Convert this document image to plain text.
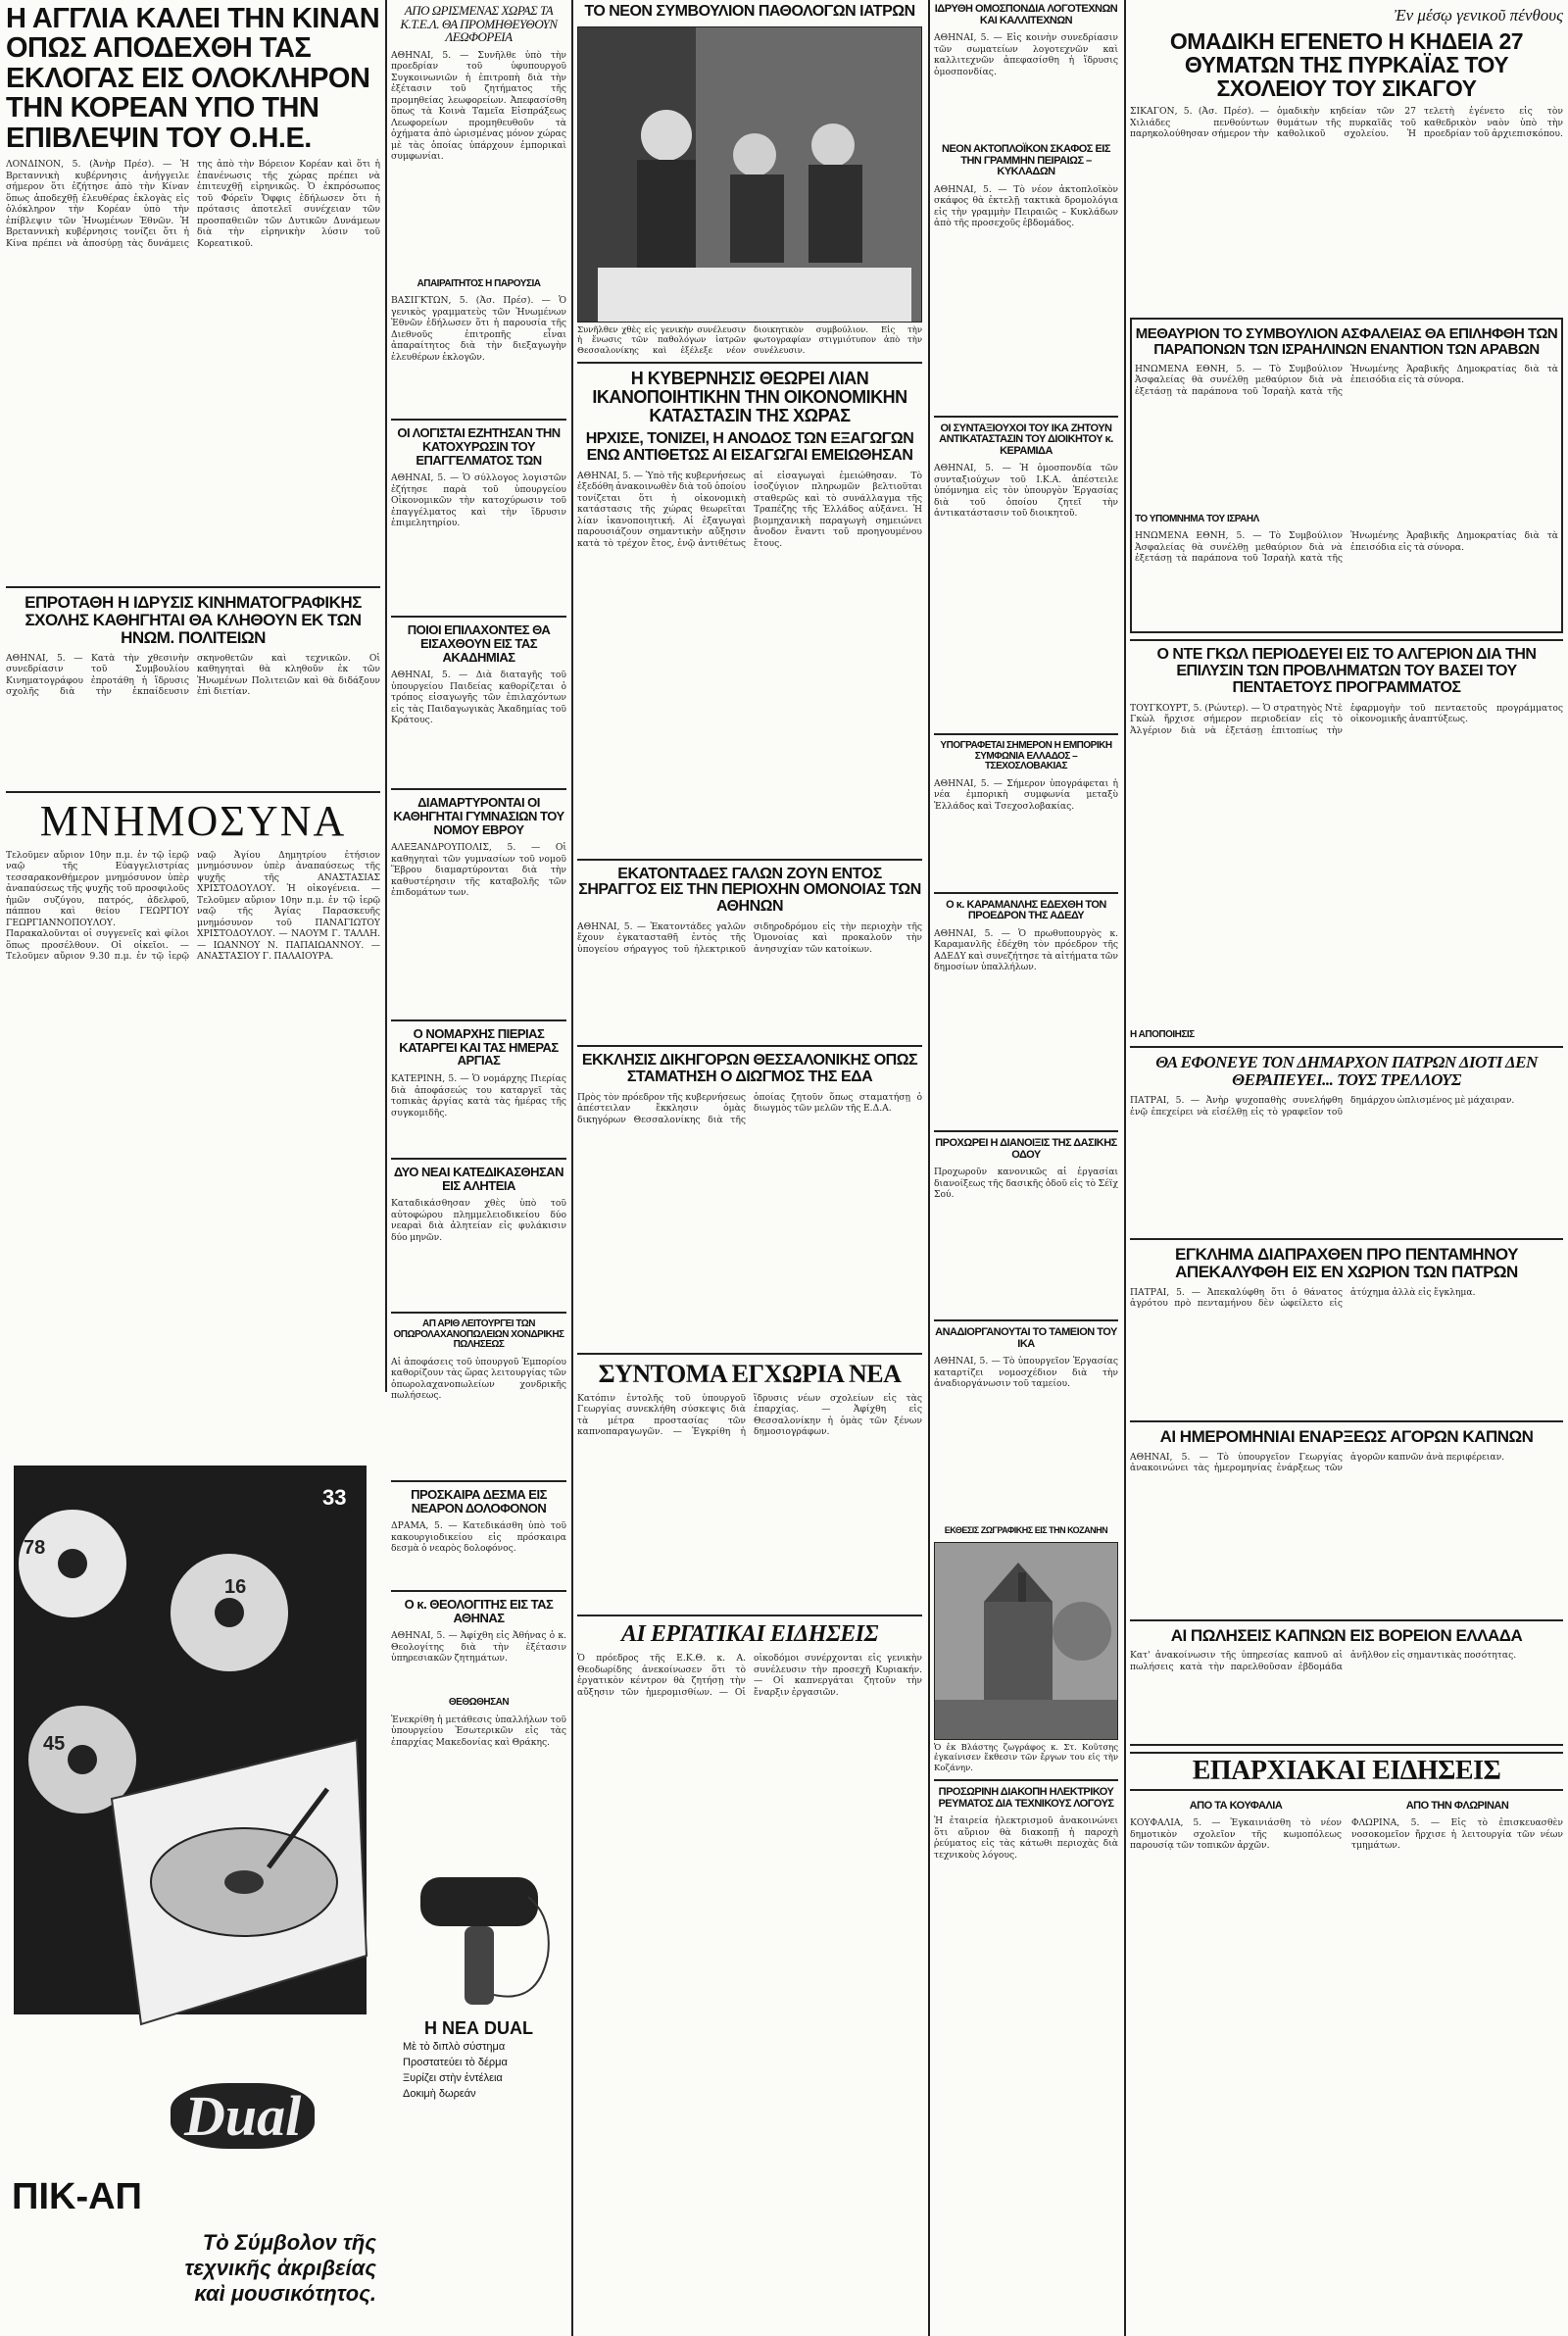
Η ΑΓΓΛΙΑ ΚΑΛΕΙ ΤΗΝ ΚΙΝΑΝ ΟΠΩΣ ΑΠΟΔΕΧΘΗ ΤΑΣ ΕΚΛΟΓΑΣ ΕΙΣ ΟΛΟΚΛΗΡΟΝ ΤΗΝ ΚΟΡΕΑΝ ΥΠΟ ΤΗΝ ΕΠΙΒΛΕΨΙΝ ΤΟΥ Ο.Η.Ε.
ΛΟΝΔΙΝΟΝ, 5. (Ἀνὴρ Πρέσ). — Ἡ Βρεταννικὴ κυβέρνησις ἀνήγγειλε σήμερον ὅτι ἐζήτησε ἀπὸ τὴν Κίναν ὅπως ἀποδεχθῇ ἐλευθέρας ἐκλογὰς εἰς ὁλόκληρον τὴν Κορέαν ὑπὸ τὴν ἐπίβλεψιν τῶν Ἡνωμένων Ἐθνῶν. Ἡ Βρεταννικὴ κυβέρνησις τονίζει ὅτι ἡ Κίνα πρέπει νὰ ἀποσύρῃ τὰς δυνάμεις της ἀπὸ τὴν Βόρειον Κορέαν καὶ ὅτι ἡ ἐπανένωσις τῆς χώρας πρέπει νὰ ἐπιτευχθῇ εἰρηνικῶς. Ὁ ἐκπρόσωπος τοῦ Φόρεϊν Ὄφφις ἐδήλωσεν ὅτι ἡ πρότασις ἀποτελεῖ συνέχειαν τῶν προσπαθειῶν τῶν Δυτικῶν Δυνάμεων διὰ τὴν εἰρηνικὴν λύσιν τοῦ Κορεατικοῦ.
ΕΠΡΟΤΑΘΗ Η ΙΔΡΥΣΙΣ ΚΙΝΗΜΑΤΟΓΡΑΦΙΚΗΣ ΣΧΟΛΗΣ ΚΑΘΗΓΗΤΑΙ ΘΑ ΚΛΗΘΟΥΝ ΕΚ ΤΩΝ ΗΝΩΜ. ΠΟΛΙΤΕΙΩΝ
ΑΘΗΝΑΙ, 5. — Κατὰ τὴν χθεσινὴν συνεδρίασιν τοῦ Συμβουλίου Κινηματογράφου ἐπροτάθη ἡ ἵδρυσις σχολῆς διὰ τὴν ἐκπαίδευσιν σκηνοθετῶν καὶ τεχνικῶν. Οἱ καθηγηταὶ θὰ κληθοῦν ἐκ τῶν Ἡνωμένων Πολιτειῶν καὶ θὰ διδάξουν ἐπὶ διετίαν.
ΜΝΗΜΟΣΥΝΑ
Τελοῦμεν αὔριον 10ην π.μ. ἐν τῷ ἱερῷ ναῷ τῆς Εὐαγγελιστρίας τεσσαρακονθήμερον μνημόσυνον ὑπὲρ ἀναπαύσεως τῆς ψυχῆς τοῦ προσφιλοῦς ἡμῶν συζύγου, πατρός, ἀδελφοῦ, πάππου καὶ θείου ΓΕΩΡΓΙΟΥ ΓΕΩΡΓΙΑΝΝΟΠΟΥΛΟΥ. Παρακαλοῦνται οἱ συγγενεῖς καὶ φίλοι ὅπως προσέλθουν. Οἱ οἰκεῖοι. — Τελοῦμεν αὔριον 9.30 π.μ. ἐν τῷ ἱερῷ ναῷ Ἁγίου Δημητρίου ἐτήσιον μνημόσυνον ὑπὲρ ἀναπαύσεως τῆς ψυχῆς τῆς ΑΝΑΣΤΑΣΙΑΣ ΧΡΙΣΤΟΔΟΥΛΟΥ. Ἡ οἰκογένεια. — Τελοῦμεν αὔριον 10ην π.μ. ἐν τῷ ἱερῷ ναῷ τῆς Ἁγίας Παρασκευῆς μνημόσυνον τοῦ ΠΑΝΑΓΙΩΤΟΥ ΧΡΙΣΤΟΔΟΥΛΟΥ. — ΝΑΟΥΜ Γ. ΤΑΛΛΗ. — ΙΩΑΝΝΟΥ Ν. ΠΑΠΑΙΩΑΝΝΟΥ. — ΑΝΑΣΤΑΣΙΟΥ Γ. ΠΑΛΑΙΟΥΡΑ.
33
78
16
45
Dual
ΠΙΚ-ΑΠ
Τὸ Σύμβολον τῆς
τεχνικῆς ἀκριβείας
καὶ μουσικότητος.
ΑΠΟ ΩΡΙΣΜΕΝΑΣ ΧΩΡΑΣ ΤΑ Κ.Τ.Ε.Λ. ΘΑ ΠΡΟΜΗΘΕΥΘΟΥΝ ΛΕΩΦΟΡΕΙΑ
ΑΘΗΝΑΙ, 5. — Συνῆλθε ὑπὸ τὴν προεδρίαν τοῦ ὑφυπουργοῦ Συγκοινωνιῶν ἡ ἐπιτροπὴ διὰ τὴν ἐξέτασιν τοῦ ζητήματος τῆς προμηθείας λεωφορείων. Ἀπεφασίσθη ὅπως τὰ Κοινὰ Ταμεῖα Εἰσπράξεως Λεωφορείων προμηθευθοῦν τὰ ὀχήματα ἀπὸ ὡρισμένας μόνον χώρας μὲ τὰς ὁποίας ὑπάρχουν ἐμπορικαὶ συμφωνίαι.
ΑΠΑΙΡΑΙΤΗΤΟΣ Η ΠΑΡΟΥΣΙΑ
ΒΑΣΙΓΚΤΩΝ, 5. (Ἀσ. Πρέσ). — Ὁ γενικὸς γραμματεὺς τῶν Ἡνωμένων Ἐθνῶν ἐδήλωσεν ὅτι ἡ παρουσία τῆς Διεθνοῦς ἐπιτροπῆς εἶναι ἀπαραίτητος διὰ τὴν διεξαγωγὴν ἐλευθέρων ἐκλογῶν.
ΟΙ ΛΟΓΙΣΤΑΙ ΕΖΗΤΗΣΑΝ ΤΗΝ ΚΑΤΟΧΥΡΩΣΙΝ ΤΟΥ ΕΠΑΓΓΕΛΜΑΤΟΣ ΤΩΝ
ΑΘΗΝΑΙ, 5. — Ὁ σύλλογος λογιστῶν ἐζήτησε παρὰ τοῦ ὑπουργείου Οἰκονομικῶν τὴν κατοχύρωσιν τοῦ ἐπαγγέλματος καὶ τὴν ἵδρυσιν ἐπιμελητηρίου.
ΠΟΙΟΙ ΕΠΙΛΑΧΟΝΤΕΣ ΘΑ ΕΙΣΑΧΘΟΥΝ ΕΙΣ ΤΑΣ ΑΚΑΔΗΜΙΑΣ
ΑΘΗΝΑΙ, 5. — Διὰ διαταγῆς τοῦ ὑπουργείου Παιδείας καθορίζεται ὁ τρόπος εἰσαγωγῆς τῶν ἐπιλαχόντων εἰς τὰς Παιδαγωγικὰς Ἀκαδημίας τοῦ Κράτους.
ΔΙΑΜΑΡΤΥΡΟΝΤΑΙ ΟΙ ΚΑΘΗΓΗΤΑΙ ΓΥΜΝΑΣΙΩΝ ΤΟΥ ΝΟΜΟΥ ΕΒΡΟΥ
ΑΛΕΞΑΝΔΡΟΥΠΟΛΙΣ, 5. — Οἱ καθηγηταὶ τῶν γυμνασίων τοῦ νομοῦ Ἕβρου διαμαρτύρονται διὰ τὴν καθυστέρησιν τῆς καταβολῆς τῶν ἐπιδομάτων των.
Ο ΝΟΜΑΡΧΗΣ ΠΙΕΡΙΑΣ ΚΑΤΑΡΓΕΙ ΚΑΙ ΤΑΣ ΗΜΕΡΑΣ ΑΡΓΙΑΣ
ΚΑΤΕΡΙΝΗ, 5. — Ὁ νομάρχης Πιερίας διὰ ἀποφάσεώς του καταργεῖ τὰς τοπικὰς ἀργίας κατὰ τὰς ἡμέρας τῆς συγκομιδῆς.
ΔΥΟ ΝΕΑΙ ΚΑΤΕΔΙΚΑΣΘΗΣΑΝ ΕΙΣ ΑΛΗΤΕΙΑ
Καταδικάσθησαν χθὲς ὑπὸ τοῦ αὐτοφώρου πλημμελειοδικείου δύο νεαραὶ διὰ ἀλητείαν εἰς φυλάκισιν δύο μηνῶν.
ΑΠ ΑΡΙΘ ΛΕΙΤΟΥΡΓΕΙ ΤΩΝ ΟΠΩΡΟΛΑΧΑΝΟΠΩΛΕΙΩΝ ΧΟΝΔΡΙΚΗΣ ΠΩΛΗΣΕΩΣ
Αἱ ἀποφάσεις τοῦ ὑπουργοῦ Ἐμπορίου καθορίζουν τὰς ὥρας λειτουργίας τῶν ὀπωρολαχανοπωλείων χονδρικῆς πωλήσεως.
ΠΡΟΣΚΑΙΡΑ ΔΕΣΜΑ ΕΙΣ ΝΕΑΡΟΝ ΔΟΛΟΦΟΝΟΝ
ΔΡΑΜΑ, 5. — Κατεδικάσθη ὑπὸ τοῦ κακουργιοδικείου εἰς πρόσκαιρα δεσμὰ ὁ νεαρὸς δολοφόνος.
Ο κ. ΘΕΟΛΟΓΙΤΗΣ ΕΙΣ ΤΑΣ ΑΘΗΝΑΣ
ΑΘΗΝΑΙ, 5. — Ἀφίχθη εἰς Ἀθήνας ὁ κ. Θεολογίτης διὰ τὴν ἐξέτασιν ὑπηρεσιακῶν ζητημάτων.
ΘΕΘΩΘΗΣΑΝ
Ἐνεκρίθη ἡ μετάθεσις ὑπαλλήλων τοῦ ὑπουργείου Ἐσωτερικῶν εἰς τὰς ἐπαρχίας Μακεδονίας καὶ Θράκης.
Η ΝΕΑ DUAL
Μὲ τὸ διπλὸ σύστημα
Προστατεύει τὸ δέρμα
Ξυρίζει στὴν ἐντέλεια
Δοκιμὴ δωρεάν
ΤΟ ΝΕΟΝ ΣΥΜΒΟΥΛΙΟΝ ΠΑΘΟΛΟΓΩΝ ΙΑΤΡΩΝ
Συνῆλθεν χθὲς εἰς γενικὴν συνέλευσιν ἡ ἕνωσις τῶν παθολόγων ἰατρῶν Θεσσαλονίκης καὶ ἐξέλεξε νέον διοικητικὸν συμβούλιον. Εἰς τὴν φωτογραφίαν στιγμιότυπον ἀπὸ τὴν συνέλευσιν.
Η ΚΥΒΕΡΝΗΣΙΣ ΘΕΩΡΕΙ ΛΙΑΝ ΙΚΑΝΟΠΟΙΗΤΙΚΗΝ ΤΗΝ ΟΙΚΟΝΟΜΙΚΗΝ ΚΑΤΑΣΤΑΣΙΝ ΤΗΣ ΧΩΡΑΣ
ΗΡΧΙΣΕ, ΤΟΝΙΖΕΙ, Η ΑΝΟΔΟΣ ΤΩΝ ΕΞΑΓΩΓΩΝ ΕΝΩ ΑΝΤΙΘΕΤΩΣ ΑΙ ΕΙΣΑΓΩΓΑΙ ΕΜΕΙΩΘΗΣΑΝ
ΑΘΗΝΑΙ, 5. — Ὑπὸ τῆς κυβερνήσεως ἐξεδόθη ἀνακοινωθὲν διὰ τοῦ ὁποίου τονίζεται ὅτι ἡ οἰκονομικὴ κατάστασις τῆς χώρας θεωρεῖται λίαν ἱκανοποιητική. Αἱ ἐξαγωγαὶ παρουσιάζουν σημαντικὴν αὔξησιν κατὰ τὸ τρέχον ἔτος, ἐνῷ ἀντιθέτως αἱ εἰσαγωγαὶ ἐμειώθησαν. Τὸ ἰσοζύγιον πληρωμῶν βελτιοῦται σταθερῶς καὶ τὸ συνάλλαγμα τῆς Τραπέζης τῆς Ἑλλάδος αὐξάνει. Ἡ βιομηχανικὴ παραγωγὴ σημειώνει ἄνοδον ἔναντι τοῦ προηγουμένου ἔτους.
ΕΚΑΤΟΝΤΑΔΕΣ ΓΑΛΩΝ ΖΟΥΝ ΕΝΤΟΣ ΣΗΡΑΓΓΟΣ ΕΙΣ ΤΗΝ ΠΕΡΙΟΧΗΝ ΟΜΟΝΟΙΑΣ ΤΩΝ ΑΘΗΝΩΝ
ΑΘΗΝΑΙ, 5. — Ἑκατοντάδες γαλῶν ἔχουν ἐγκατασταθῆ ἐντὸς τῆς ὑπογείου σήραγγος τοῦ ἠλεκτρικοῦ σιδηροδρόμου εἰς τὴν περιοχὴν τῆς Ὁμονοίας καὶ προκαλοῦν τὴν ἀνησυχίαν τῶν κατοίκων.
ΕΚΚΛΗΣΙΣ ΔΙΚΗΓΟΡΩΝ ΘΕΣΣΑΛΟΝΙΚΗΣ ΟΠΩΣ ΣΤΑΜΑΤΗΣΗ Ο ΔΙΩΓΜΟΣ ΤΗΣ ΕΔΑ
Πρὸς τὸν πρόεδρον τῆς κυβερνήσεως ἀπέστειλαν ἔκκλησιν ὁμὰς δικηγόρων Θεσσαλονίκης διὰ τῆς ὁποίας ζητοῦν ὅπως σταματήσῃ ὁ διωγμὸς τῶν μελῶν τῆς Ε.Δ.Α.
ΣΥΝΤΟΜΑ ΕΓΧΩΡΙΑ ΝΕΑ
Κατόπιν ἐντολῆς τοῦ ὑπουργοῦ Γεωργίας συνεκλήθη σύσκεψις διὰ τὰ μέτρα προστασίας τῶν καπνοπαραγωγῶν. — Ἐγκρίθη ἡ ἵδρυσις νέων σχολείων εἰς τὰς ἐπαρχίας. — Ἀφίχθη εἰς Θεσσαλονίκην ἡ ὁμὰς τῶν ξένων δημοσιογράφων.
ΑΙ ΕΡΓΑΤΙΚΑΙ ΕΙΔΗΣΕΙΣ
Ὁ πρόεδρος τῆς Ε.Κ.Θ. κ. Α. Θεοδωρίδης ἀνεκοίνωσεν ὅτι τὸ ἐργατικὸν κέντρον θὰ ζητήσῃ τὴν αὔξησιν τῶν ἡμερομισθίων. — Οἱ οἰκοδόμοι συνέρχονται εἰς γενικὴν συνέλευσιν τὴν προσεχῆ Κυριακήν. — Οἱ καπνεργάται ζητοῦν τὴν ἔναρξιν ἐργασιῶν.
ΙΔΡΥΘΗ ΟΜΟΣΠΟΝΔΙΑ ΛΟΓΟΤΕΧΝΩΝ ΚΑΙ ΚΑΛΛΙΤΕΧΝΩΝ
ΑΘΗΝΑΙ, 5. — Εἰς κοινὴν συνεδρίασιν τῶν σωματείων λογοτεχνῶν καὶ καλλιτεχνῶν ἀπεφασίσθη ἡ ἵδρυσις ὁμοσπονδίας.
ΝΕΟΝ ΑΚΤΟΠΛΟΪΚΟΝ ΣΚΑΦΟΣ ΕΙΣ ΤΗΝ ΓΡΑΜΜΗΝ ΠΕΙΡΑΙΩΣ – ΚΥΚΛΑΔΩΝ
ΑΘΗΝΑΙ, 5. — Τὸ νέον ἀκτοπλοϊκὸν σκάφος θὰ ἐκτελῇ τακτικὰ δρομολόγια εἰς τὴν γραμμὴν Πειραιῶς – Κυκλάδων ἀπὸ τῆς προσεχοῦς ἑβδομάδος.
ΟΙ ΣΥΝΤΑΞΙΟΥΧΟΙ ΤΟΥ ΙΚΑ ΖΗΤΟΥΝ ΑΝΤΙΚΑΤΑΣΤΑΣΙΝ ΤΟΥ ΔΙΟΙΚΗΤΟΥ κ. ΚΕΡΑΜΙΔΑ
ΑΘΗΝΑΙ, 5. — Ἡ ὁμοσπονδία τῶν συνταξιούχων τοῦ Ι.Κ.Α. ἀπέστειλε ὑπόμνημα εἰς τὸν ὑπουργὸν Ἐργασίας διὰ τοῦ ὁποίου ζητεῖ τὴν ἀντικατάστασιν τοῦ διοικητοῦ.
ΥΠΟΓΡΑΦΕΤΑΙ ΣΗΜΕΡΟΝ Η ΕΜΠΟΡΙΚΗ ΣΥΜΦΩΝΙΑ ΕΛΛΑΔΟΣ – ΤΣΕΧΟΣΛΟΒΑΚΙΑΣ
ΑΘΗΝΑΙ, 5. — Σήμερον ὑπογράφεται ἡ νέα ἐμπορικὴ συμφωνία μεταξὺ Ἑλλάδος καὶ Τσεχοσλοβακίας.
Ο κ. ΚΑΡΑΜΑΝΛΗΣ ΕΔΕΧΘΗ ΤΟΝ ΠΡΟΕΔΡΟΝ ΤΗΣ ΑΔΕΔΥ
ΑΘΗΝΑΙ, 5. — Ὁ πρωθυπουργὸς κ. Καραμανλῆς ἐδέχθη τὸν πρόεδρον τῆς ΑΔΕΔΥ καὶ συνεζήτησε τὰ αἰτήματα τῶν δημοσίων ὑπαλλήλων.
ΠΡΟΧΩΡΕΙ Η ΔΙΑΝΟΙΞΙΣ ΤΗΣ ΔΑΣΙΚΗΣ ΟΔΟΥ
Προχωροῦν κανονικῶς αἱ ἐργασίαι διανοίξεως τῆς δασικῆς ὁδοῦ εἰς τὸ Σέϊχ Σού.
ΑΝΑΔΙΟΡΓΑΝΟΥΤΑΙ ΤΟ ΤΑΜΕΙΟΝ ΤΟΥ ΙΚΑ
ΑΘΗΝΑΙ, 5. — Τὸ ὑπουργεῖον Ἐργασίας καταρτίζει νομοσχέδιον διὰ τὴν ἀναδιοργάνωσιν τοῦ ταμείου.
ΕΚΘΕΣΙΣ ΖΩΓΡΑΦΙΚΗΣ ΕΙΣ ΤΗΝ ΚΟΖΑΝΗΝ
Ὁ ἐκ Βλάστης ζωγράφος κ. Στ. Κοῦτσης ἐγκαίνισεν ἔκθεσιν τῶν ἔργων του εἰς τὴν Κοζάνην.
ΠΡΟΣΩΡΙΝΗ ΔΙΑΚΟΠΗ ΗΛΕΚΤΡΙΚΟΥ ΡΕΥΜΑΤΟΣ ΔΙΑ ΤΕΧΝΙΚΟΥΣ ΛΟΓΟΥΣ
Ἡ ἐταιρεία ἠλεκτρισμοῦ ἀνακοινώνει ὅτι αὔριον θὰ διακοπῇ ἡ παροχὴ ῥεύματος εἰς τὰς κάτωθι περιοχὰς διὰ τεχνικοὺς λόγους.
Ἐν μέσῳ γενικοῦ πένθους
ΟΜΑΔΙΚΗ ΕΓΕΝΕΤΟ Η ΚΗΔΕΙΑ 27 ΘΥΜΑΤΩΝ ΤΗΣ ΠΥΡΚΑΪΑΣ ΤΟΥ ΣΧΟΛΕΙΟΥ ΤΟΥ ΣΙΚΑΓΟΥ
ΣΙΚΑΓΟΝ, 5. (Ἀσ. Πρέσ). — Χιλιάδες πενθούντων παρηκολούθησαν σήμερον τὴν ὁμαδικὴν κηδείαν τῶν 27 θυμάτων τῆς πυρκαϊᾶς τοῦ καθολικοῦ σχολείου. Ἡ τελετὴ ἐγένετο εἰς τὸν καθεδρικὸν ναὸν ὑπὸ τὴν προεδρίαν τοῦ ἀρχιεπισκόπου.
ΜΕΘΑΥΡΙΟΝ ΤΟ ΣΥΜΒΟΥΛΙΟΝ ΑΣΦΑΛΕΙΑΣ ΘΑ ΕΠΙΛΗΦΘΗ ΤΩΝ ΠΑΡΑΠΟΝΩΝ ΤΩΝ ΙΣΡΑΗΛΙΝΩΝ ΕΝΑΝΤΙΟΝ ΤΩΝ ΑΡΑΒΩΝ
ΗΝΩΜΕΝΑ ΕΘΝΗ, 5. — Τὸ Συμβούλιον Ἀσφαλείας θὰ συνέλθῃ μεθαύριον διὰ νὰ ἐξετάσῃ τὰ παράπονα τοῦ Ἰσραὴλ κατὰ τῆς Ἡνωμένης Ἀραβικῆς Δημοκρατίας διὰ τὰ ἐπεισόδια εἰς τὰ σύνορα.
ΤΟ ΥΠΟΜΝΗΜΑ ΤΟΥ ΙΣΡΑΗΛ
ΗΝΩΜΕΝΑ ΕΘΝΗ, 5. — Τὸ Συμβούλιον Ἀσφαλείας θὰ συνέλθῃ μεθαύριον διὰ νὰ ἐξετάσῃ τὰ παράπονα τοῦ Ἰσραὴλ κατὰ τῆς Ἡνωμένης Ἀραβικῆς Δημοκρατίας διὰ τὰ ἐπεισόδια εἰς τὰ σύνορα.
Ο ΝΤΕ ΓΚΩΛ ΠΕΡΙΟΔΕΥΕΙ ΕΙΣ ΤΟ ΑΛΓΕΡΙΟΝ ΔΙΑ ΤΗΝ ΕΠΙΛΥΣΙΝ ΤΩΝ ΠΡΟΒΛΗΜΑΤΩΝ ΤΟΥ ΒΑΣΕΙ ΤΟΥ ΠΕΝΤΑΕΤΟΥΣ ΠΡΟΓΡΑΜΜΑΤΟΣ
ΤΟΥΓΚΟΥΡΤ, 5. (Ρώυτερ). — Ὁ στρατηγὸς Ντὲ Γκὼλ ἤρχισε σήμερον περιοδείαν εἰς τὸ Ἀλγέριον διὰ νὰ ἐξετάσῃ ἐπιτοπίως τὴν ἐφαρμογὴν τοῦ πενταετοῦς προγράμματος οἰκονομικῆς ἀναπτύξεως.
Η ΑΠΟΠΟΙΗΣΙΣ
ΘΑ ΕΦΟΝΕΥΕ ΤΟΝ ΔΗΜΑΡΧΟΝ ΠΑΤΡΩΝ ΔΙΟΤΙ ΔΕΝ ΘΕΡΑΠΕΥΕΙ... ΤΟΥΣ ΤΡΕΛΛΟΥΣ
ΠΑΤΡΑΙ, 5. — Ἀνὴρ ψυχοπαθὴς συνελήφθη ἐνῷ ἐπεχείρει νὰ εἰσέλθῃ εἰς τὸ γραφεῖον τοῦ δημάρχου ὡπλισμένος μὲ μάχαιραν.
ΕΓΚΛΗΜΑ ΔΙΑΠΡΑΧΘΕΝ ΠΡΟ ΠΕΝΤΑΜΗΝΟΥ ΑΠΕΚΑΛΥΦΘΗ ΕΙΣ ΕΝ ΧΩΡΙΟΝ ΤΩΝ ΠΑΤΡΩΝ
ΠΑΤΡΑΙ, 5. — Ἀπεκαλύφθη ὅτι ὁ θάνατος ἀγρότου πρὸ πενταμήνου δὲν ὠφείλετο εἰς ἀτύχημα ἀλλὰ εἰς ἔγκλημα.
ΑΙ ΗΜΕΡΟΜΗΝΙΑΙ ΕΝΑΡΞΕΩΣ ΑΓΟΡΩΝ ΚΑΠΝΩΝ
ΑΘΗΝΑΙ, 5. — Τὸ ὑπουργεῖον Γεωργίας ἀνακοινώνει τὰς ἡμερομηνίας ἐνάρξεως τῶν ἀγορῶν καπνῶν ἀνὰ περιφέρειαν.
ΑΙ ΠΩΛΗΣΕΙΣ ΚΑΠΝΩΝ ΕΙΣ ΒΟΡΕΙΟΝ ΕΛΛΑΔΑ
Κατ' ἀνακοίνωσιν τῆς ὑπηρεσίας καπνοῦ αἱ πωλήσεις κατὰ τὴν παρελθοῦσαν ἑβδομάδα ἀνῆλθον εἰς σημαντικὰς ποσότητας.
ΕΠΑΡΧΙΑΚΑΙ ΕΙΔΗΣΕΙΣ
ΑΠΟ ΤΑ ΚΟΥΦΑΛΙΑ
ΚΟΥΦΑΛΙΑ, 5. — Ἐγκαινιάσθη τὸ νέον δημοτικὸν σχολεῖον τῆς κωμοπόλεως παρουσίᾳ τῶν τοπικῶν ἀρχῶν.
ΑΠΟ ΤΗΝ ΦΛΩΡΙΝΑΝ
ΦΛΩΡΙΝΑ, 5. — Εἰς τὸ ἐπισκευασθὲν νοσοκομεῖον ἤρχισε ἡ λειτουργία τῶν νέων τμημάτων.
